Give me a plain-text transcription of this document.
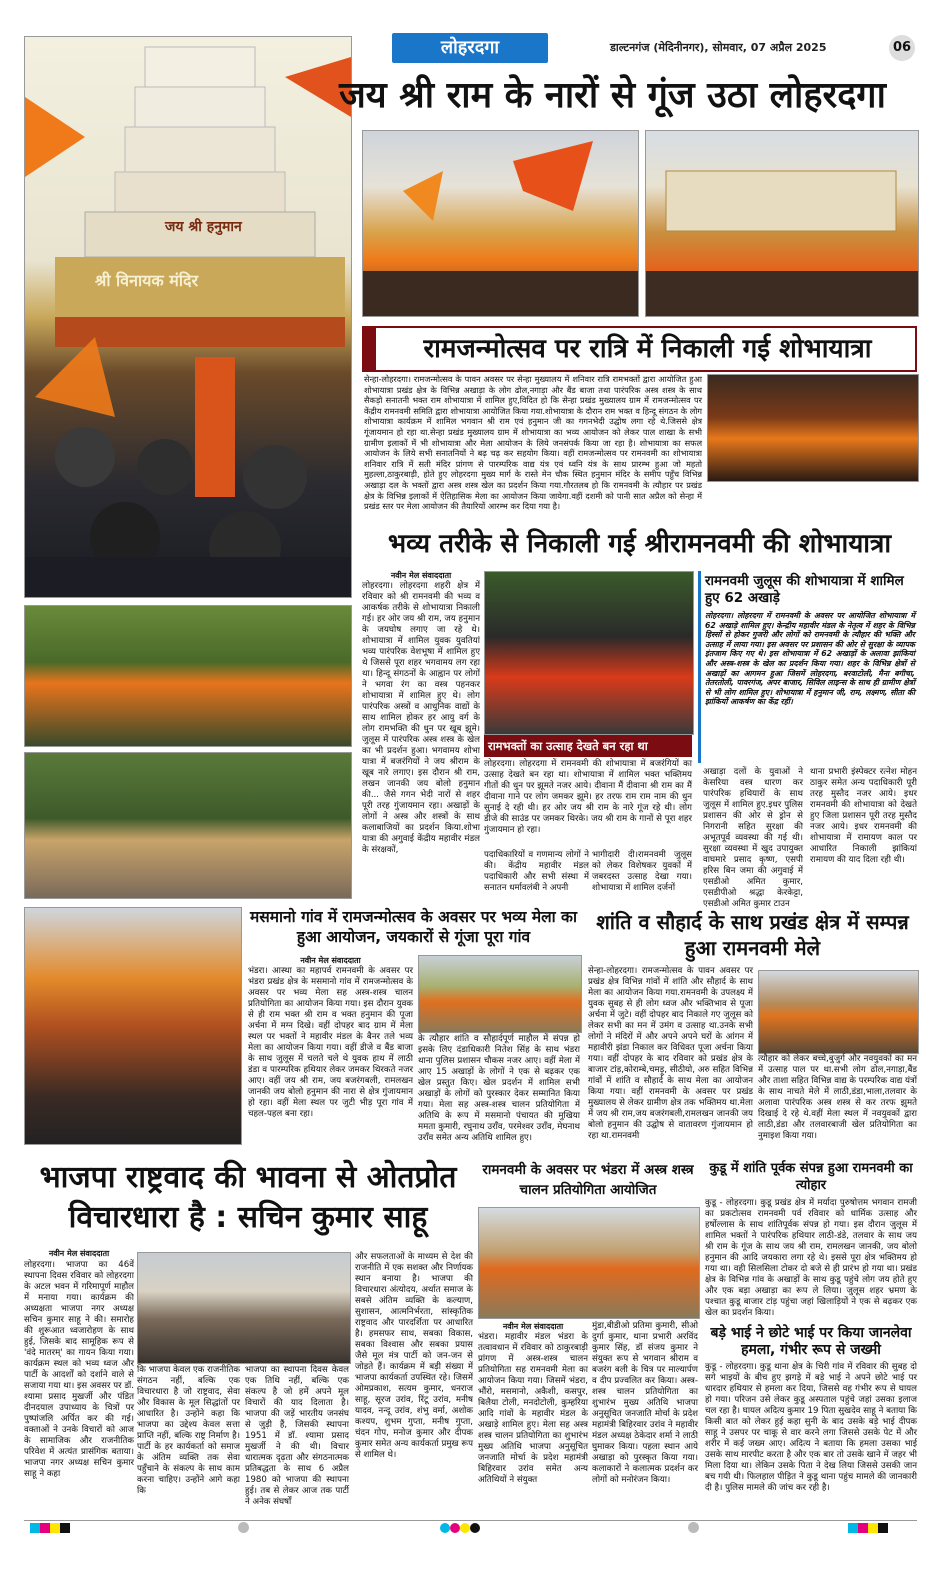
लोहरदगा	डाल्टनगंज (मेदिनीनगर), सोमवार, 07 अप्रैल 2025	06
जय श्री हनुमान
श्री विनायक मंदिर
जय श्री राम के नारों से गूंज उठा लोहरदगा
रामजन्मोत्सव पर रात्रि में निकाली गई शोभायात्रा
सेन्हा-लोहरदगा। रामजन्मोत्सव के पावन अवसर पर सेन्हा मुख्यालय में शनिवार रात्रि रामभक्तों द्वारा आयोजित हुआ शोभायात्रा प्रखंड क्षेत्र के विभिन्न अखाड़ा के लोग ढोल,नगाड़ा और बैंड बाजा तथा पारंपरिक अस्त्र शस्त्र के साथ सैकड़ो सनातनी भक्त राम शोभायात्रा में शामिल हुए,विदित हो कि सेन्हा प्रखंड मुख्यालय ग्राम में रामजन्मोत्सव पर केंद्रीय रामनवमी समिति द्वारा शोभायात्रा आयोजित किया गया.शोभायात्रा के दौरान राम भक्त व हिन्दू संगठन के लोग शोभायात्रा कार्यक्रम में शामिल भगवान श्री राम एवं हनुमान जी का गगनभेदी उद्घोष लगा रहे थे.जिससे क्षेत्र गूंजायमान हो रहा था.सेन्हा प्रखंड मुख्यालय ग्राम में शोभायात्रा का भव्य आयोजन को लेकर पाल शाखा के सभी ग्रामीण इलाकों में भी शोभायात्रा और मेला आयोजन के लिये जनसंपर्क किया जा रहा है। शोभायात्रा का सफल आयोजन के लिये सभी सनातनियों ने बढ़ चढ़ कर सहयोग किया। वहीं रामजन्मोत्सव पर रामनवमी का शोभायात्रा शनिवार रात्रि में सती मंदिर प्रांगण से पारम्परिक वाद्य यंत्र एवं ध्वनि यंत्र के साथ प्रारम्भ हुआ जो महतो मुहल्ला,ठाकुरबाड़ी, होते हुए लोहरदगा मुख्य मार्ग के रास्ते मेन चौक स्थित हनुमान मंदिर के समीप पहुँच विभिन्न अखाड़ा दल के भक्तों द्वारा अस्त्र शस्त्र खेल का प्रदर्शन किया गया.गौरतलब हो कि रामनवमी के त्यौहार पर प्रखंड क्षेत्र के विभिन्न इलाकों में ऐतिहासिक मेला का आयोजन किया जायेगा.वहीं दशमी को पानी सात अप्रैल को सेन्हा में प्रखंड स्तर पर मेला आयोजन की तैयारियों आरम्भ कर दिया गया है।
भव्य तरीके से निकाली गई श्रीरामनवमी की शोभायात्रा
नवीन मेल संवाददाता
लोहरदगा। लोहरदगा शहरी क्षेत्र में रविवार को श्री रामनवमी की भव्य व आकर्षक तरीके से शोभायात्रा निकाली गई। हर ओर जय श्री राम, जय हनुमान के जयघोष लगाए जा रहे थे। शोभायात्रा में शामिल युवक युवतियां भव्य पारंपरिक वेशभूषा में शामिल हुए थे जिससे पूरा शहर भगवामय लग रहा था। हिन्दू संगठनों के आह्वान पर लोगों ने भगवा रंग का वस्त्र पहनकर शोभायात्रा में शामिल हुए थे। लोग पारंपरिक अस्त्रों व आधुनिक वाद्यों के साथ शामिल होकर हर आयु वर्ग के लोग रामभक्ति की धुन पर खूब झूमे। जुलूस में पारंपरिक अस्त्र शस्त्र के खेल का भी प्रदर्शन हुआ। भगवामय शोभा यात्रा में बजरंगियों ने जय श्रीराम के खूब नारे लगाए। इस दौरान श्री राम, लखन जानकी जय बोलो हनुमान की... जैसे गगन भेदी नारों से शहर पूरी तरह गुंजायमान रहा। अखाड़ों के लोगों ने अस्त्र और शस्त्रों के साथ कलाबाजियों का प्रदर्शन किया.शोभा यात्रा की अगुवाई केंद्रीय महावीर मंडल के संरक्षकों,
रामभक्तों का उत्साह देखते बन रहा था
लोहरदगा। लोहरदगा में रामनवमी की शोभायात्रा में बजरंगियों का उत्साह देखते बन रहा था। शोभायात्रा में शामिल भक्त भक्तिमय गीतों की धुन पर झूमते नजर आये। दीवाना मैं दीवाना श्री राम का मैं दीवाना गाने पर लोग जमकर झूमे। हर तरफ राम राम नाम की धुन सुनाई दे रही थी। हर ओर जय श्री राम के नारे गूंज रहे थी। लोग डीजे की साउंड पर जमकर थिरके। जय श्री राम के गानों से पूरा शहर गुंजायमान हो रहा।
रामनवमी जुलूस की शोभायात्रा में शामिल हुए 62 अखाड़े
लोहरदगा। लोहरदगा में रामनवमी के अवसर पर आयोजित शोभायात्रा में 62 अखाड़े शामिल हुए। केन्द्रीय महावीर मंडल के नेतृत्व में शहर के विभिन्न हिस्सों से होकर गुजरी और लोगों को रामनवमी के त्यौहार की भक्ति और उत्साह में लाया गया। इस अवसर पर प्रशासन की ओर से सुरक्षा के व्यापक इंतजाम किए गए थे। इस शोभायात्रा में 62 अखाड़ों के अलावा झांकियां और अस्त्र-शस्त्र के खेल का प्रदर्शन किया गया। शहर के विभिन्न क्षेत्रों से अखाड़ों का आगमन हुआ जिसमें लोहरदगा, बरवाटोली, मैना बगीचा, तेतरतोली, पावरगंज, अपर बाजार, सिविल लाइन्स के साथ ही ग्रामीण क्षेत्रों से भी लोग शामिल हुए। शोभायात्रा में हनुमान जी, राम, लक्ष्मण, सीता की झांकियों आकर्षण का केंद्र रहीं।
पदाधिकारियों व गणमान्य लोगों ने की। केंद्रीय महावीर मंडल पदाधिकारी और सभी संस्था में सनातन धर्मावलंबी ने अपनी
भागीदारी दी।रामनवमी जुलूस को लेकर विशेषकर युवकों में जबरदस्त उत्साह देखा गया। शोभायात्रा में शामिल दर्जनों
अखाड़ा दलों के युवाओं ने केसरिया वस्त्र धारण कर पारंपरिक हथियारों के साथ जुलूस में शामिल हुए.इधर पुलिस प्रशासन की ओर से ड्रोन से निगरानी सहित सुरक्षा की अभूतपूर्व व्यवस्था की गई थी। सुरक्षा व्यवस्था में खुद उपायुक्त वाघमारे प्रसाद कृष्ण, एसपी हरिस बिन जमा की अगुवाई में एसडीओ अमित कुमार, एसडीपीओ श्रद्धा केरकेट्टा, एसडीओ अमित कुमार टाउन
थाना प्रभारी इंस्पेक्टर रत्नेश मोहन ठाकुर समेत अन्य पदाधिकारी पूरी तरह मुस्तैद नजर आये। इधर रामनवमी की शोभायात्रा को देखते हुए जिला प्रशासन पूरी तरह मुस्तैद नजर आये। इधर रामनवमी की शोभायात्रा में रामायण काल पर आधारित निकाली झांकियां रामायण की याद दिला रही थी।
मसमानो गांव में रामजन्मोत्सव के अवसर पर भव्य मेला का हुआ आयोजन, जयकारों से गूंजा पूरा गांव
नवीन मेल संवाददाता
भंडरा। आस्था का महापर्व रामनवमी के अवसर पर भंडरा प्रखंड क्षेत्र के मसमानो गांव में रामजन्मोत्सव के अवसर पर भव्य मेला सह अस्त्र-शस्त्र चालन प्रतियोगिता का आयोजन किया गया। इस दौरान युवक से ही राम भक्त श्री राम व भक्त हनुमान की पूजा अर्चना में मग्न दिखे। वहीं दोपहर बाद ग्राम में मेला स्थल पर भक्तों ने महावीर मंडल के बैनर तले भव्य मेला का आयोजन किया गया। वहीं डीजे व बैंड बाजा के साथ जुलूस में चलते चले थे युवक हाथ में लाठी डंडा व पारम्परिक हथियार लेकर जमकर थिरकते नजर आए। वहीं जय श्री राम, जय बजरंगबली, रामलखन जानकी जय बोलो हनुमान की नारा से क्षेत्र गुंजायमान हो रहा। वहीं मेला स्थल पर जुटी भीड़ पूरा गांव में चहल-पहल बना रहा।
के त्यौहार शांति व सौहार्दपूर्ण माहौल में संपन्न हो इसके लिए दंडाधिकारी नितेश सिंह के साथ भंडरा थाना पुलिस प्रशासन चौकस नजर आए। वहीं मेला में आए 15 अखाड़ों के लोगों ने एक से बढ़कर एक खेल प्रस्तुत किए। खेल प्रदर्शन में शामिल सभी अखाड़ों के लोगों को पुरस्कार देकर सम्मानित किया गया। मेला सह अस्त्र-शस्त्र चालन प्रतियोगिता में अतिथि के रूप में मसमानो पंचायत की मुखिया ममता कुमारी, रघुनाथ उराँव, परमेश्वर उराँव, मेघनाथ उराँव समेत अन्य अतिथि शामिल हुए।
शांति व सौहार्द के साथ प्रखंड क्षेत्र में सम्पन्न हुआ रामनवमी मेले
सेन्हा-लोहरदगा। रामजन्मोत्सव के पावन अवसर पर प्रखंड क्षेत्र विभिन्न गांवों में शांति और सौहार्द के साथ मेला का आयोजन किया गया.रामनवमी के उपलक्ष्य में युवक सुबह से ही लोग ध्वज और भक्तिभाव से पूजा अर्चना में जुटे। वहीं दोपहर बाद निकाले गए जुलूस को लेकर सभी का मन में उमंग व उत्साह था.उनके सभी लोगों ने मंदिरों में और अपने अपने घरों के आंगन में महावीरी झंडा निकाल कर विधिवत पूजा अर्चना किया गया। वहीं दोपहर के बाद रविवार को प्रखंड क्षेत्र के बाजार टांड़,कोराम्बे,चमड़ू, सीठीयो, अरु सहित विभिन्न गांवों में शांति व सौहार्द के साथ मेला का आयोजन किया गया। वहीं रामनवमी के अवसर पर प्रखंड मुख्यालय से लेकर ग्रामीण क्षेत्र तक भक्तिमय था.मेला में जय श्री राम,जय बजरंगबली,रामलखन जानकी जय बोलो हनुमान की उद्घोष से वातावरण गुंजायमान हो रहा था.रामनवमी
त्यौहार को लेकर बच्चे,बुजुर्ग और नवयुवकों का मन में उत्साह पाल पर था.सभी लोग ढोल,नगाड़ा,बैंड और ताशा सहित विभिन्न वाद्य के परम्परिक वाद्य यंत्रों के साथ नाचते मेले में लाठी,डंडा,भाला,तलवार के अलावा पारंपरिक अस्त्र शस्त्र से कर तरफ झुमते दिखाई दे रहे थे.वहीं मेला स्थल में नवयुवकों द्वारा लाठी,डंडा और तलवारबाजी खेल प्रतियोगिता का नुमाइश किया गया।
भाजपा राष्ट्रवाद की भावना से ओतप्रोत विचारधारा है : सचिन कुमार साहू
नवीन मेल संवाददाता
लोहरदगा। भाजपा का 46वें स्थापना दिवस रविवार को लोहरदगा के अटल भवन में गरिमापूर्ण माहौल में मनाया गया। कार्यक्रम की अध्यक्षता भाजपा नगर अध्यक्ष सचिन कुमार साहू ने की। समारोह की शुरूआत ध्वजारोहण के साथ हुई, जिसके बाद सामूहिक रूप से 'वंदे मातरम्' का गायन किया गया। कार्यक्रम स्थल को भव्य ध्वज और पार्टी के आदर्शों को दर्शाने वाले से सजाया गया था। इस अवसर पर डॉ. श्यामा प्रसाद मुखर्जी और पंडित दीनदयाल उपाध्याय के चित्रों पर पुष्पांजलि अर्पित कर की गई। वक्ताओं ने उनके विचारों को आज के सामाजिक और राजनीतिक परिवेश में अत्यंत प्रासंगिक बताया। भाजपा नगर अध्यक्ष सचिन कुमार साहू ने कहा
कि भाजपा केवल एक राजनीतिक संगठन नहीं, बल्कि एक विचारधारा है जो राष्ट्रवाद, सेवा और विकास के मूल सिद्धांतों पर आधारित है। उन्होंने कहा कि भाजपा का उद्देश्य केवल सत्ता प्राप्ति नहीं, बल्कि राष्ट्र निर्माण है। पार्टी के हर कार्यकर्ता को समाज के अंतिम व्यक्ति तक सेवा पहुँचाने के संकल्प के साथ काम करना चाहिए। उन्होंने आगे कहा कि
भाजपा का स्थापना दिवस केवल एक तिथि नहीं, बल्कि एक संकल्प है जो हमें अपने मूल विचारों की याद दिलाता है। भाजपा की जड़ें भारतीय जनसंघ से जुड़ी हैं, जिसकी स्थापना 1951 में डॉ. श्यामा प्रसाद मुखर्जी ने की थी। विचार धारात्मक दृढ़ता और संगठनात्मक प्रतिबद्धता के साथ 6 अप्रैल 1980 को भाजपा की स्थापना हुई। तब से लेकर आज तक पार्टी ने अनेक संघर्षों
और सफलताओं के माध्यम से देश की राजनीति में एक सशक्त और निर्णायक स्थान बनाया है। भाजपा की विचारधारा अंत्योदय, अर्थात समाज के सबसे अंतिम व्यक्ति के कल्याण, सुशासन, आत्मनिर्भरता, सांस्कृतिक राष्ट्रवाद और पारदर्शिता पर आधारित है। हमसफर साथ, सबका विकास, सबका विश्वास और सबका प्रयास जैसे मूल मंत्र पार्टी को जन-जन से जोड़ते हैं। कार्यक्रम में बड़ी संख्या में भाजपा कार्यकर्ता उपस्थित रहे। जिसमें ओमप्रकाश, सत्यम कुमार, धनराज साहू, सूरज उरांव, रिंटू उरांव, मनीष यादव, नन्दू उरांव, शंभु वर्मा, अशोक कश्यप, शुभम गुप्ता, मनीष गुप्ता, चंदन गोप, मनोज कुमार और दीपक कुमार समेत अन्य कार्यकर्ता प्रमुख रूप से शामिल थे।
रामनवमी के अवसर पर भंडरा में अस्त्र शस्त्र चालन प्रतियोगिता आयोजित
नवीन मेल संवाददाता
भंडरा। महावीर मंडल भंडरा के तत्वावधान में रविवार को ठाकुरबाड़ी प्रांगण में अस्त्र-शस्त्र चालन प्रतियोगिता सह रामनवमी मेला का आयोजन किया गया। जिसमें भंडरा, भौंरो, मसमानो, अकैशी, कसपुर, बिलैया टोली, मनदोटोली, कुम्हरिया आदि गांवों के महावीर मंडल के अखाड़े शामिल हुए। मेला सह अस्त्र शस्त्र चालन प्रतियोगिता का शुभारंभ मुख्य अतिथि भाजपा अनुसूचित जनजाति मोर्चा के प्रदेश महामंत्री बिहिरवार उरांव समेत अन्य अतिथियों ने संयुक्त
मुंडा,बीडीओ प्रतिमा कुमारी, सीओ दुर्गा कुमार, थाना प्रभारी अरविंद कुमार सिंह, डॉ संजय कुमार ने संयुक्त रूप से भगवान श्रीराम व बजरंग बली के चित्र पर माल्यार्पण व दीप प्रज्वलित कर किया। अस्त्र-शस्त्र चालन प्रतियोगिता का शुभारंभ मुख्य अतिथि भाजपा अनुसूचित जनजाति मोर्चा के प्रदेश महामंत्री बिहिरवार उरांव ने महावीर मंडल अध्यक्ष ठेकेदार शर्मा ने लाठी घुमाकर किया। पहला स्थान आये अखाड़ा को पुरस्कृत किया गया। कलाकारों ने कलात्मक प्रदर्शन कर लोगों को मनोरंजन किया।
कुडू में शांति पूर्वक संपन्न हुआ रामनवमी का त्योहार
कुडू - लोहरदगा। कुडू प्रखंड क्षेत्र में मर्यादा पुरुषोत्तम भगवान रामजी का प्रकटोत्सव रामनवमी पर्व रविवार को धार्मिक उत्साह और हर्षोल्लास के साथ शांतिपूर्वक संपन्न हो गया। इस दौरान जुलूस में शामिल भक्तों ने पारंपरिक हथियार लाठी-डंडे, तलवार के साथ जय श्री राम के गूंज के साथ जय श्री राम, रामलखन जानकी, जय बोलो हनुमान की आदि जयकारा लगा रहे थे। इससे पूरा क्षेत्र भक्तिमय हो गया था। वही सिलसिला टोकर दो बजे से ही प्रारंभ हो गया था। प्रखंड क्षेत्र के विभिन्न गांव के अखाड़ों के साथ कुडू पहुंचे लोग जय होते हुए और एक बड़ा अखाड़ा का रूप ले लिया। जुलूस शहर भ्रमण के पश्चात कुडू बाजार टांड़ पहुंचा जहां खिलाड़ियों ने एक से बढ़कर एक खेल का प्रदर्शन किया।
बड़े भाई ने छोटे भाई पर किया जानलेवा हमला, गंभीर रूप से जख्मी
कुडू - लोहरदगा। कुडू थाना क्षेत्र के चिरी गांव में रविवार की सुबह दो सगे भाइयों के बीच हुए झगड़े में बड़े भाई ने अपने छोटे भाई पर धारदार हथियार से हमला कर दिया, जिससे वह गंभीर रूप से घायल हो गया। परिजन उसे लेकर कुडू अस्पताल पहुंचे जहां उसका इलाज चल रहा है। घायल अदित्य कुमार 19 पिता सुखदेव साहू ने बताया कि किसी बात को लेकर हुई कहा सुनी के बाद उसके बड़े भाई दीपक साहू ने उसपर पर चाकू से वार करने लगा जिससे उसके पेट में और शरीर में कई जख्म आए। अदित्य ने बताया कि हमला उसका भाई उसके साथ मारपीट करता है और एक बार तो उसके खाने में जहर भी मिला दिया था। लेकिन उसके पिता ने देख लिया जिससे उसकी जान बच गयी थी। फिलहाल पीड़ित ने कुडू थाना पहुंच मामले की जानकारी दी है। पुलिस मामले की जांच कर रही है।
